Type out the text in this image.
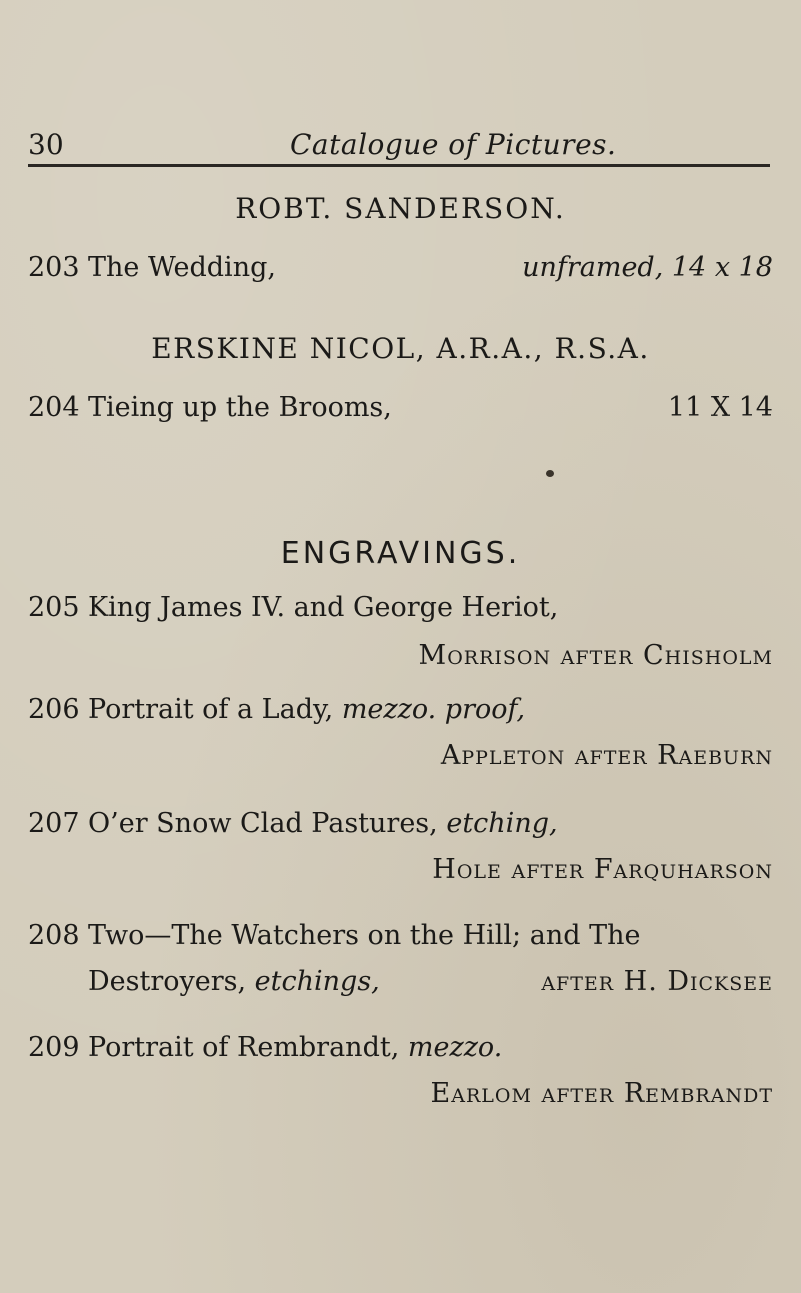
30	Catalogue of Pictures.
ROBT. SANDERSON.
203 The Wedding,	unframed, 14 x 18
ERSKINE NICOL, A.R.A., R.S.A.
204 Tieing up the Brooms,	11 X 14
ENGRAVINGS.
205 King James IV. and George Heriot,
Morrison after Chisholm
206 Portrait of a Lady, mezzo. proof,
Appleton after Raeburn
207 O’er Snow Clad Pastures, etching,
Hole after Farquharson
208 Two—The Watchers on the Hill; and The
Destroyers, etchings,	after H. Dicksee
209 Portrait of Rembrandt, mezzo.
Earlom after Rembrandt
